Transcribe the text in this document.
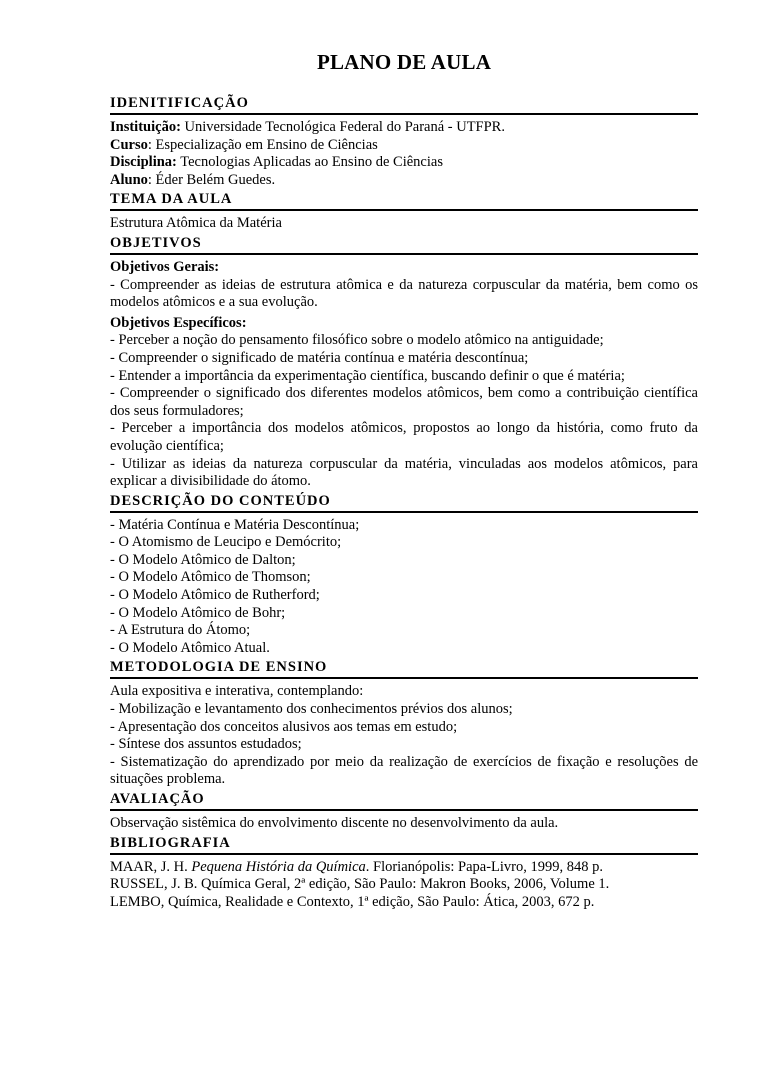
PLANO DE AULA
IDENITIFICAÇÃO
Instituição: Universidade Tecnológica Federal do Paraná - UTFPR.
Curso: Especialização em Ensino de Ciências
Disciplina: Tecnologias Aplicadas ao Ensino de Ciências
Aluno: Éder Belém Guedes.
TEMA DA AULA
Estrutura Atômica da Matéria
OBJETIVOS
Objetivos Gerais:
- Compreender as ideias de estrutura atômica e da natureza corpuscular da matéria, bem como os modelos atômicos e a sua evolução.
Objetivos Específicos:
- Perceber a noção do pensamento filosófico sobre o modelo atômico na antiguidade;
- Compreender o significado de matéria contínua e matéria descontínua;
- Entender a importância da experimentação científica, buscando definir o que é matéria;
- Compreender o significado dos diferentes modelos atômicos, bem como a contribuição científica dos seus formuladores;
- Perceber a importância dos modelos atômicos, propostos ao longo da história, como fruto da evolução científica;
- Utilizar as ideias da natureza corpuscular da matéria, vinculadas aos modelos atômicos, para explicar a divisibilidade do átomo.
DESCRIÇÃO DO CONTEÚDO
- Matéria Contínua e Matéria Descontínua;
- O Atomismo de Leucipo e Demócrito;
- O Modelo Atômico de Dalton;
- O Modelo Atômico de Thomson;
- O Modelo Atômico de Rutherford;
- O Modelo Atômico de Bohr;
- A Estrutura do Átomo;
- O Modelo Atômico Atual.
METODOLOGIA DE ENSINO
Aula expositiva e interativa, contemplando:
- Mobilização e levantamento dos conhecimentos prévios dos alunos;
- Apresentação dos conceitos alusivos aos temas em estudo;
- Síntese dos assuntos estudados;
- Sistematização do aprendizado por meio da realização de exercícios de fixação e resoluções de situações problema.
AVALIAÇÃO
Observação sistêmica do envolvimento discente no desenvolvimento da aula.
BIBLIOGRAFIA
MAAR, J. H. Pequena História da Química. Florianópolis: Papa-Livro, 1999, 848 p.
RUSSEL, J. B. Química Geral, 2ª edição, São Paulo: Makron Books, 2006, Volume 1.
LEMBO, Química, Realidade e Contexto, 1ª edição, São Paulo: Ática, 2003, 672 p.
